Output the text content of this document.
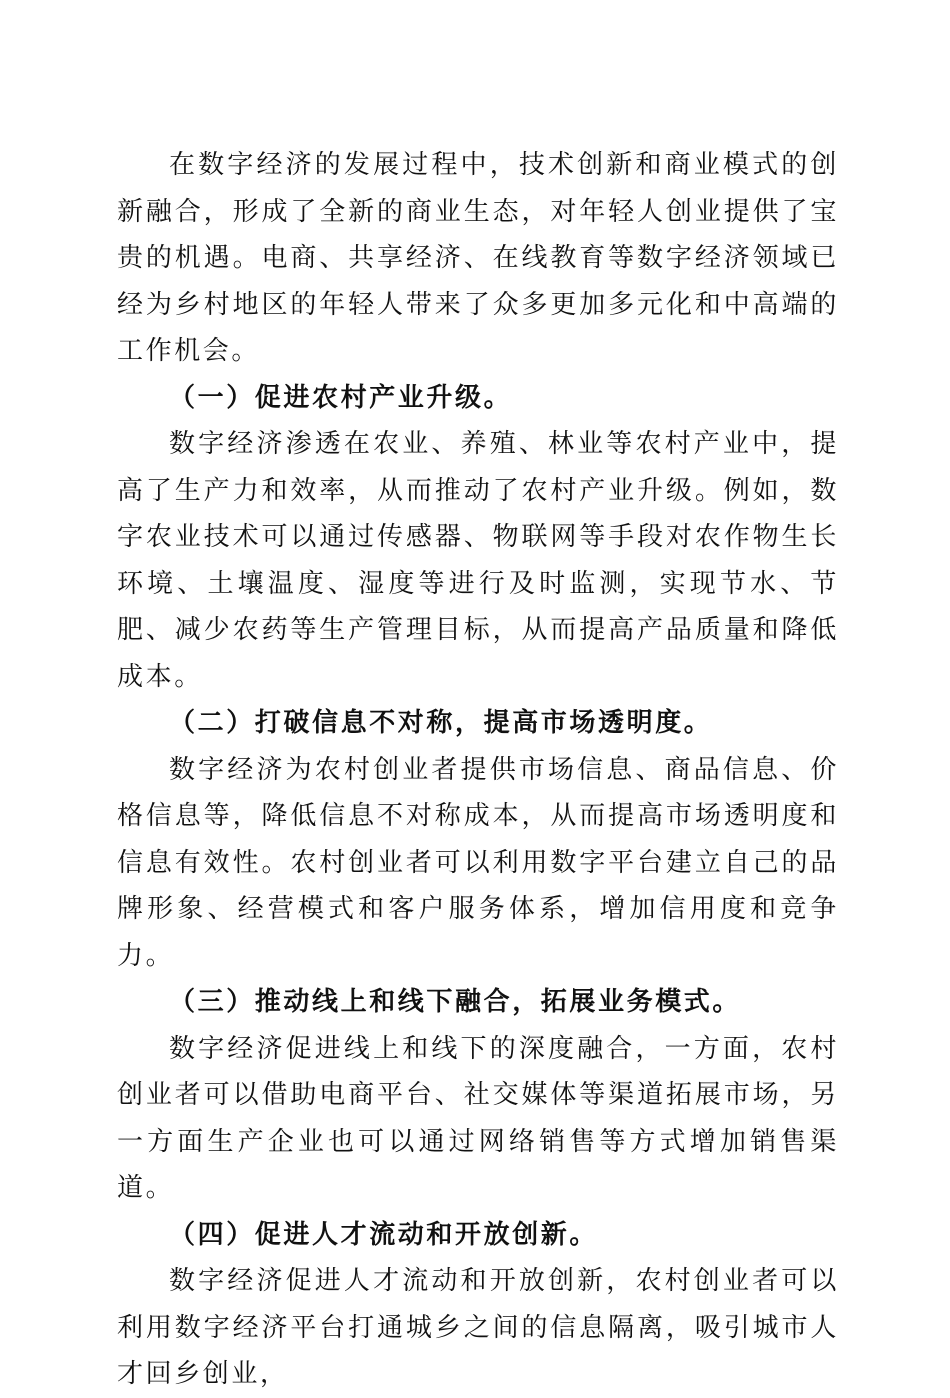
在数字经济的发展过程中，技术创新和商业模式的创新融合，形成了全新的商业生态，对年轻人创业提供了宝贵的机遇。电商、共享经济、在线教育等数字经济领域已经为乡村地区的年轻人带来了众多更加多元化和中高端的工作机会。

（一）促进农村产业升级。

数字经济渗透在农业、养殖、林业等农村产业中，提高了生产力和效率，从而推动了农村产业升级。例如，数字农业技术可以通过传感器、物联网等手段对农作物生长环境、土壤温度、湿度等进行及时监测，实现节水、节肥、减少农药等生产管理目标，从而提高产品质量和降低成本。

（二）打破信息不对称，提高市场透明度。

数字经济为农村创业者提供市场信息、商品信息、价格信息等，降低信息不对称成本，从而提高市场透明度和信息有效性。农村创业者可以利用数字平台建立自己的品牌形象、经营模式和客户服务体系，增加信用度和竞争力。

（三）推动线上和线下融合，拓展业务模式。

数字经济促进线上和线下的深度融合，一方面，农村创业者可以借助电商平台、社交媒体等渠道拓展市场，另一方面生产企业也可以通过网络销售等方式增加销售渠道。

（四）促进人才流动和开放创新。

数字经济促进人才流动和开放创新，农村创业者可以利用数字经济平台打通城乡之间的信息隔离，吸引城市人才回乡创业，
